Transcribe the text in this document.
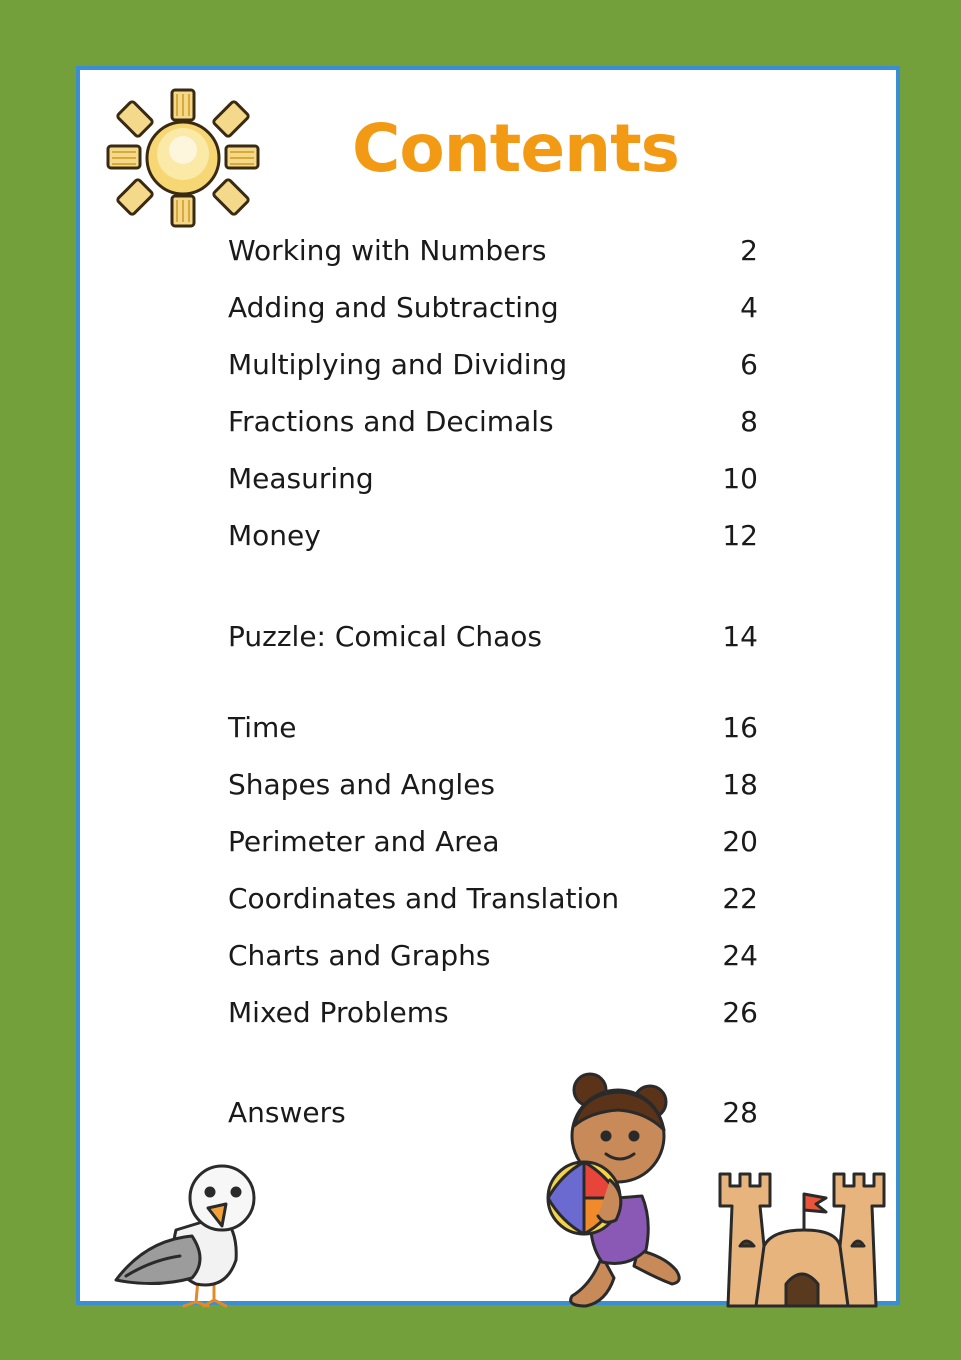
Contents
Working with Numbers	2
Adding and Subtracting	4
Multiplying and Dividing	6
Fractions and Decimals	8
Measuring	10
Money	12
Puzzle: Comical Chaos	14
Time	16
Shapes and Angles	18
Perimeter and Area	20
Coordinates and Translation	22
Charts and Graphs	24
Mixed Problems	26
Answers	28
